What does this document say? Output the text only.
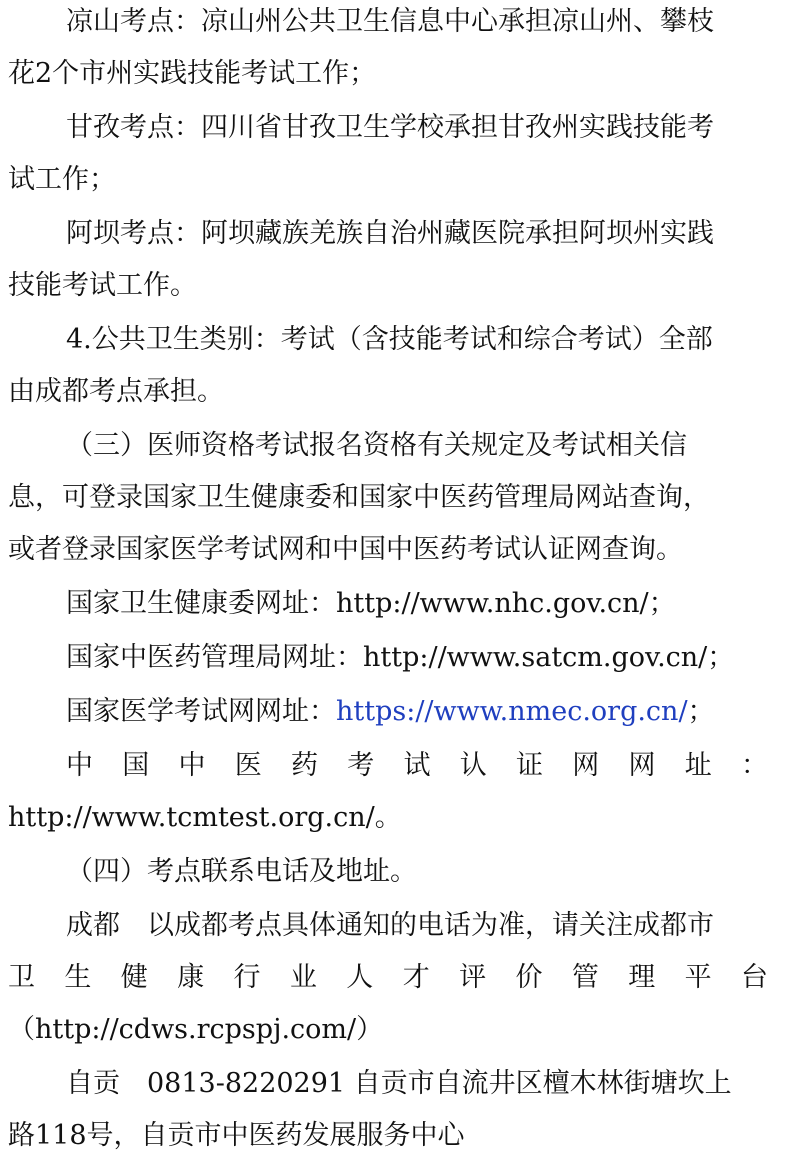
凉山考点：凉山州公共卫生信息中心承担凉山州、攀枝
花2个市州实践技能考试工作；
甘孜考点：四川省甘孜卫生学校承担甘孜州实践技能考
试工作；
阿坝考点：阿坝藏族羌族自治州藏医院承担阿坝州实践
技能考试工作。
4.公共卫生类别：考试（含技能考试和综合考试）全部
由成都考点承担。
（三）医师资格考试报名资格有关规定及考试相关信
息，可登录国家卫生健康委和国家中医药管理局网站查询，
或者登录国家医学考试网和中国中医药考试认证网查询。
国家卫生健康委网址：http://www.nhc.gov.cn/；
国家中医药管理局网址：http://www.satcm.gov.cn/；
国家医学考试网网址：https://www.nmec.org.cn/；
中国中医药考试认证网网址：
http://www.tcmtest.org.cn/。
（四）考点联系电话及地址。
成都　以成都考点具体通知的电话为准，请关注成都市
卫生健康行业人才评价管理平台
（http://cdws.rcpspj.com/）
自贡　0813-8220291 自贡市自流井区檀木林街塘坎上
路118号，自贡市中医药发展服务中心
